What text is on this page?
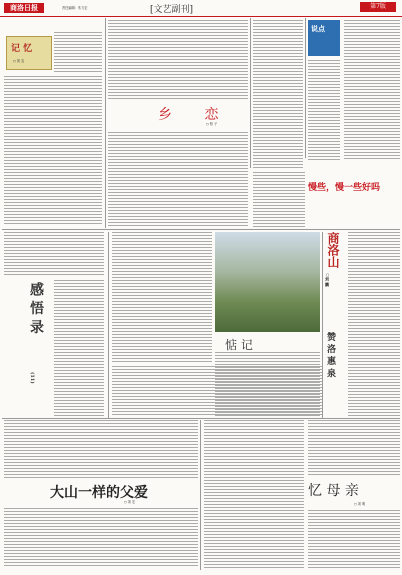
商洛日报	责任编辑：朱力宏	[文艺副刊]	第7版
记 忆
○ 刘 宝
乡 恋
○ 柏 子
说点
慢些，慢一些好吗
感 悟 录
(11)
商洛山
○刘 鹏
惦 记	赞 洛 惠 泉
大山一样的父爱
○ 刘 宏
忆 母 亲
○ 刘 明
